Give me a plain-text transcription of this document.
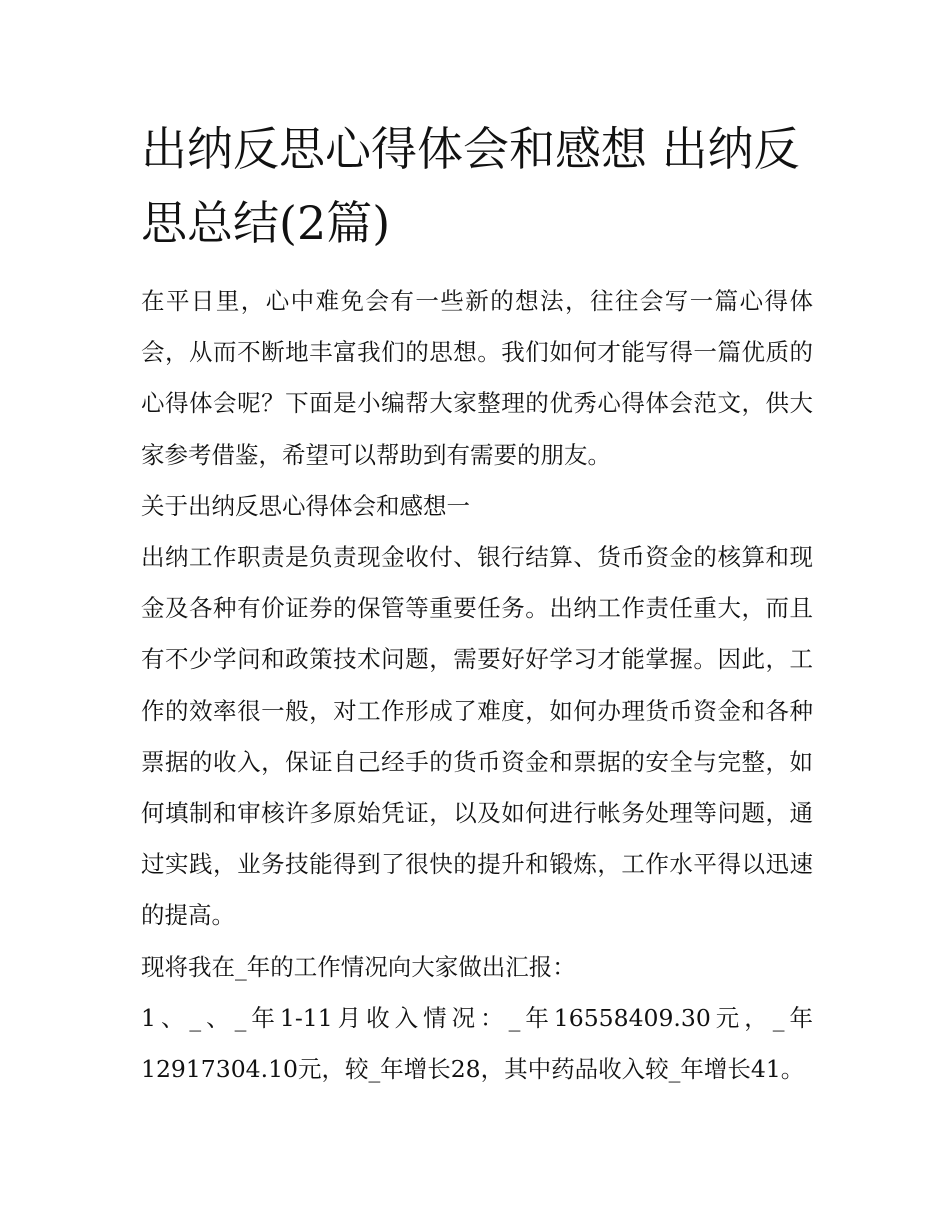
出纳反思心得体会和感想 出纳反思总结(2篇)

在平日里，心中难免会有一些新的想法，往往会写一篇心得体会，从而不断地丰富我们的思想。我们如何才能写得一篇优质的心得体会呢？下面是小编帮大家整理的优秀心得体会范文，供大家参考借鉴，希望可以帮助到有需要的朋友。

关于出纳反思心得体会和感想一

出纳工作职责是负责现金收付、银行结算、货币资金的核算和现金及各种有价证券的保管等重要任务。出纳工作责任重大，而且有不少学问和政策技术问题，需要好好学习才能掌握。因此，工作的效率很一般，对工作形成了难度，如何办理货币资金和各种票据的收入，保证自己经手的货币资金和票据的安全与完整，如何填制和审核许多原始凭证，以及如何进行帐务处理等问题，通过实践，业务技能得到了很快的提升和锻炼，工作水平得以迅速的提高。

现将我在_年的工作情况向大家做出汇报：

1、_、_年1-11月收入情况：_年16558409.30元，_年12917304.10元，较_年增长28，其中药品收入较_年增长41。
